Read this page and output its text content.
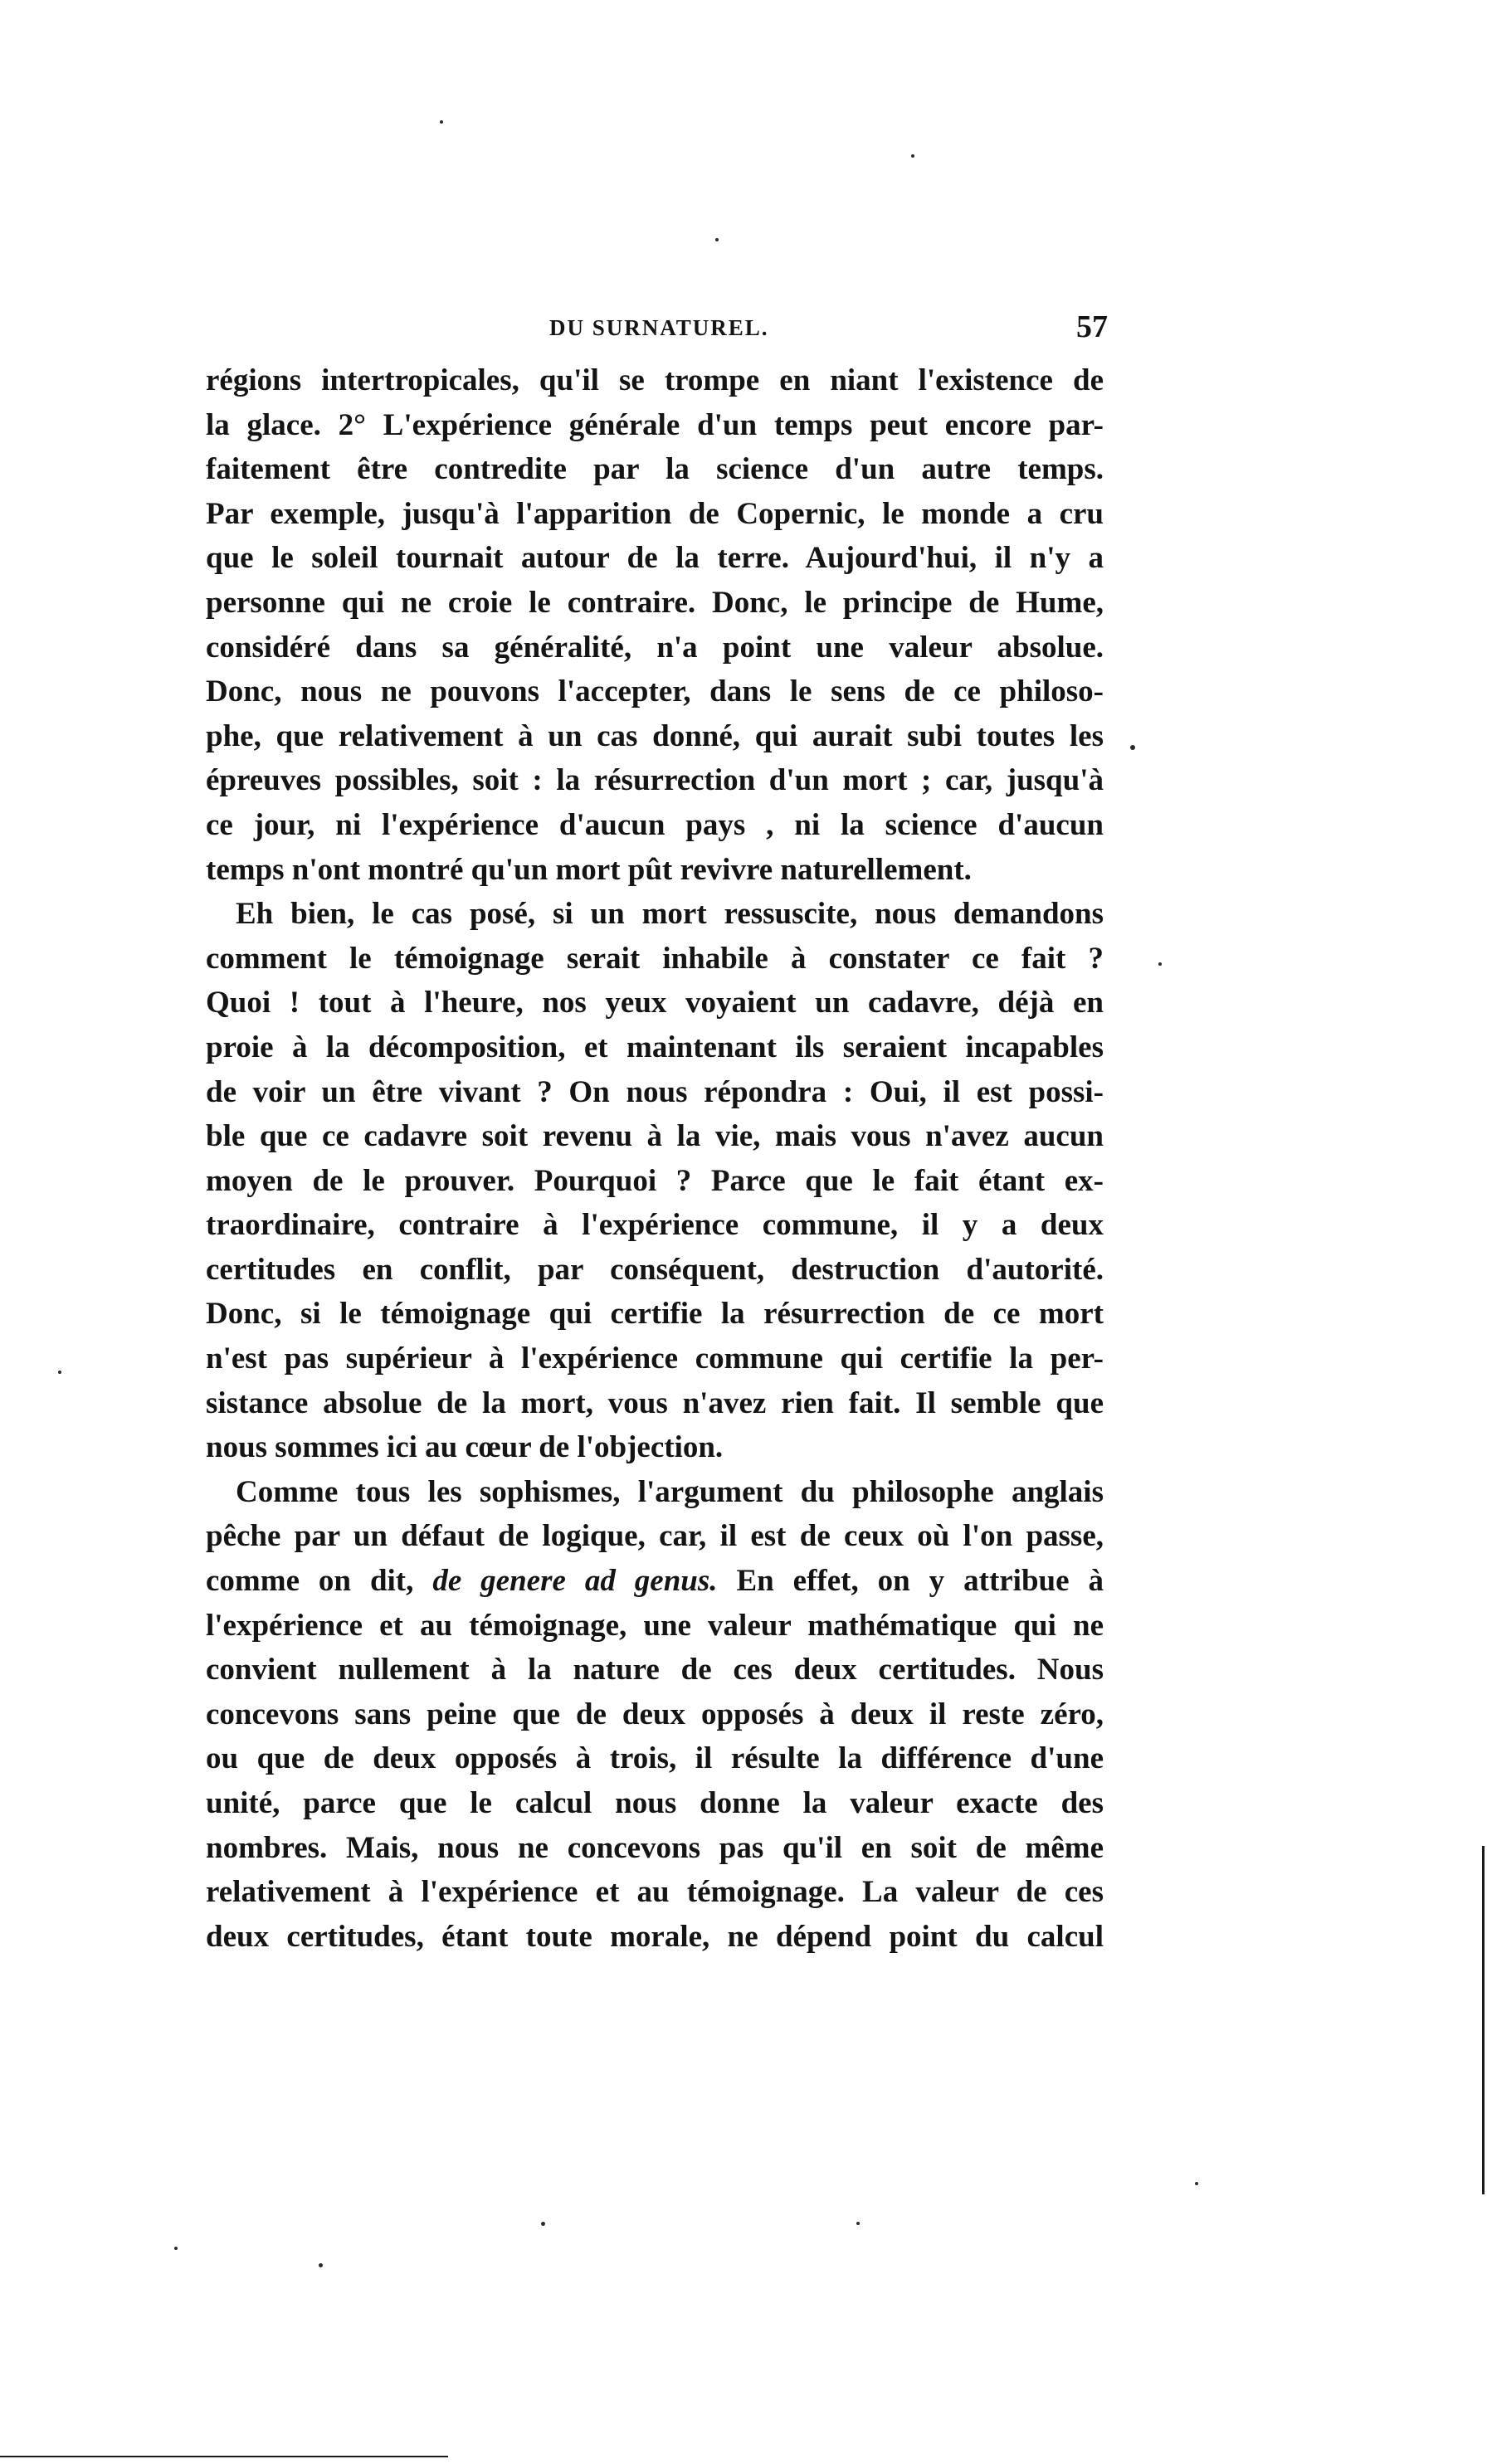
DU SURNATUREL.	57
régions intertropicales, qu'il se trompe en niant l'existence de
la glace. 2° L'expérience générale d'un temps peut encore par-
faitement être contredite par la science d'un autre temps.
Par exemple, jusqu'à l'apparition de Copernic, le monde a cru
que le soleil tournait autour de la terre. Aujourd'hui, il n'y a
personne qui ne croie le contraire. Donc, le principe de Hume,
considéré dans sa généralité, n'a point une valeur absolue.
Donc, nous ne pouvons l'accepter, dans le sens de ce philoso-
phe, que relativement à un cas donné, qui aurait subi toutes les
épreuves possibles, soit : la résurrection d'un mort ; car, jusqu'à
ce jour, ni l'expérience d'aucun pays , ni la science d'aucun
temps n'ont montré qu'un mort pût revivre naturellement.
Eh bien, le cas posé, si un mort ressuscite, nous demandons
comment le témoignage serait inhabile à constater ce fait ?
Quoi ! tout à l'heure, nos yeux voyaient un cadavre, déjà en
proie à la décomposition, et maintenant ils seraient incapables
de voir un être vivant ? On nous répondra : Oui, il est possi-
ble que ce cadavre soit revenu à la vie, mais vous n'avez aucun
moyen de le prouver. Pourquoi ? Parce que le fait étant ex-
traordinaire, contraire à l'expérience commune, il y a deux
certitudes en conflit, par conséquent, destruction d'autorité.
Donc, si le témoignage qui certifie la résurrection de ce mort
n'est pas supérieur à l'expérience commune qui certifie la per-
sistance absolue de la mort, vous n'avez rien fait. Il semble que
nous sommes ici au cœur de l'objection.
Comme tous les sophismes, l'argument du philosophe anglais
pêche par un défaut de logique, car, il est de ceux où l'on passe,
comme on dit, de genere ad genus. En effet, on y attribue à
l'expérience et au témoignage, une valeur mathématique qui ne
convient nullement à la nature de ces deux certitudes. Nous
concevons sans peine que de deux opposés à deux il reste zéro,
ou que de deux opposés à trois, il résulte la différence d'une
unité, parce que le calcul nous donne la valeur exacte des
nombres. Mais, nous ne concevons pas qu'il en soit de même
relativement à l'expérience et au témoignage. La valeur de ces
deux certitudes, étant toute morale, ne dépend point du calcul
